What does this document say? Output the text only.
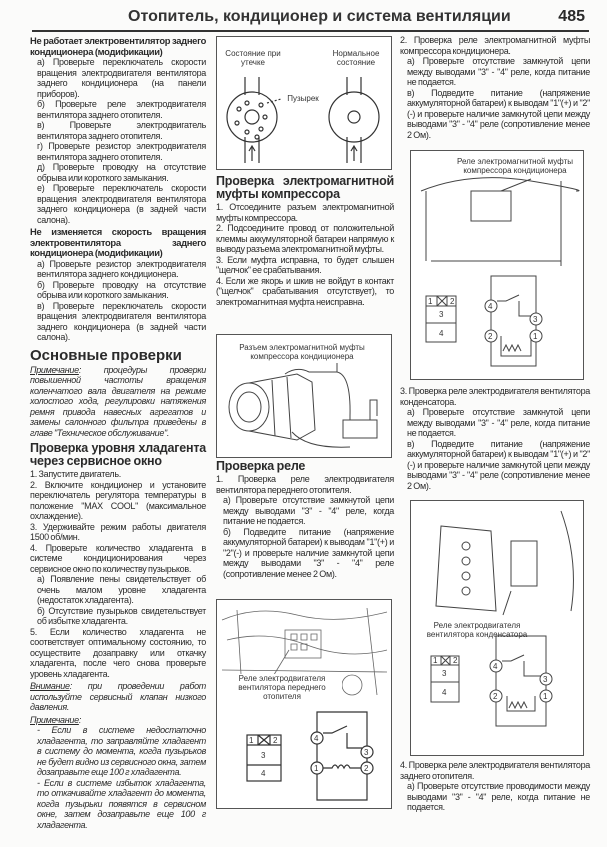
Отопитель, кондиционер и система вентиляции	485

Не работает электровентилятор заднего кондиционера (модификации)

а) Проверьте переключатель скорости вращения электродвигателя вентилятора заднего кондиционера (на панели приборов).

б) Проверьте реле электродвигателя вентилятора заднего отопителя.

в) Проверьте электродвигатель вентилятора заднего отопителя.

г) Проверьте резистор электродвигателя вентилятора заднего отопителя.

д) Проверьте проводку на отсутствие обрыва или короткого замыкания.

е) Проверьте переключатель скорости вращения электродвигателя вентилятора заднего кондиционера (в задней части салона).

Не изменяется скорость вращения электровентилятора заднего кондиционера (модификации)

а) Проверьте резистор электродвигателя вентилятора заднего кондиционера.

б) Проверьте проводку на отсутствие обрыва или короткого замыкания.

в) Проверьте переключатель скорости вращения электродвигателя вентилятора заднего кондиционера (в задней части салона).

Основные проверки

Примечание: процедуры проверки повышенной частоты вращения коленчатого вала двигателя на режиме холостого хода, регулировки натяжения ремня привода навесных агрегатов и замены салонного фильтра приведены в главе "Техническое обслуживание".

Проверка уровня хладагента через сервисное окно

1. Запустите двигатель.

2. Включите кондиционер и установите переключатель регулятора температуры в положение "MAX COOL" (максимальное охлаждение).

3. Удерживайте режим работы двигателя 1500 об/мин.

4. Проверьте количество хладагента в системе кондиционирования через сервисное окно по количеству пузырьков.

а) Появление пены свидетельствует об очень малом уровне хладагента (недостаток хладагента).

б) Отсутствие пузырьков свидетельствует об избытке хладагента.

5. Если количество хладагента не соответствует оптимальному состоянию, то осуществите дозаправку или откачку хладагента, после чего снова проверьте уровень хладагента.

Внимание: при проведении работ используйте сервисный клапан низкого давления.

Примечание:

- Если в системе недостаточно хладагента, то заправляйте хладагент в систему до момента, когда пузырьков не будет видно из сервисного окна, затем дозаправьте еще 100 г хладагента.

- Если в системе избыток хладагента, то откачивайте хладагент до момента, когда пузырьки появятся в сервисном окне, затем дозаправьте еще 100 г хладагента.

Состояние при утечке
Нормальное состояние
Пузырек

Проверка электромагнитной муфты компрессора

1. Отсоедините разъем электромагнитной муфты компрессора.

2. Подсоедините провод от положительной клеммы аккумуляторной батареи напрямую к выводу разъема электромагнитной муфты.

3. Если муфта исправна, то будет слышен "щелчок" ее срабатывания.

4. Если же якорь и шкив не войдут в контакт ("щелчок" срабатывания отсутствует), то электромагнитная муфта неисправна.

Разъем электромагнитной муфты компрессора кондиционера

Проверка реле

1. Проверка реле электродвигателя вентилятора переднего отопителя.

а) Проверьте отсутствие замкнутой цепи между выводами "3" - "4" реле, когда питание не подается.

б) Подведите питание (напряжение аккумуляторной батареи) к выводам "1"(+) и "2"(-) и проверьте наличие замкнутой цепи между выводами "3" - "4" реле (сопротивление менее 2 Ом).

Реле электродвигателя вентилятора переднего отопителя
1 2
3
4
4
3
1	2

2. Проверка реле электромагнитной муфты компрессора кондиционера.

а) Проверьте отсутствие замкнутой цепи между выводами "3" - "4" реле, когда питание не подается.

в) Подведите питание (напряжение аккумуляторной батареи) к выводам "1"(+) и "2"(-) и проверьте наличие замкнутой цепи между выводами "3" - "4" реле (сопротивление менее 2 Ом).

Реле электромагнитной муфты компрессора кондиционера
1 2
3
4
4
3
2	1

3. Проверка реле электродвигателя вентилятора конденсатора.

а) Проверьте отсутствие замкнутой цепи между выводами "3" - "4" реле, когда питание не подается.

в) Подведите питание (напряжение аккумуляторной батареи) к выводам "1"(+) и "2"(-) и проверьте наличие замкнутой цепи между выводами "3" - "4" реле (сопротивление менее 2 Ом).

1 2
3
4
4
3
2	1
Реле электродвигателя вентилятора конденсатора

4. Проверка реле электродвигателя вентилятора заднего отопителя.

а) Проверьте отсутствие проводимости между выводами "3" - "4" реле, когда питание не подается.
